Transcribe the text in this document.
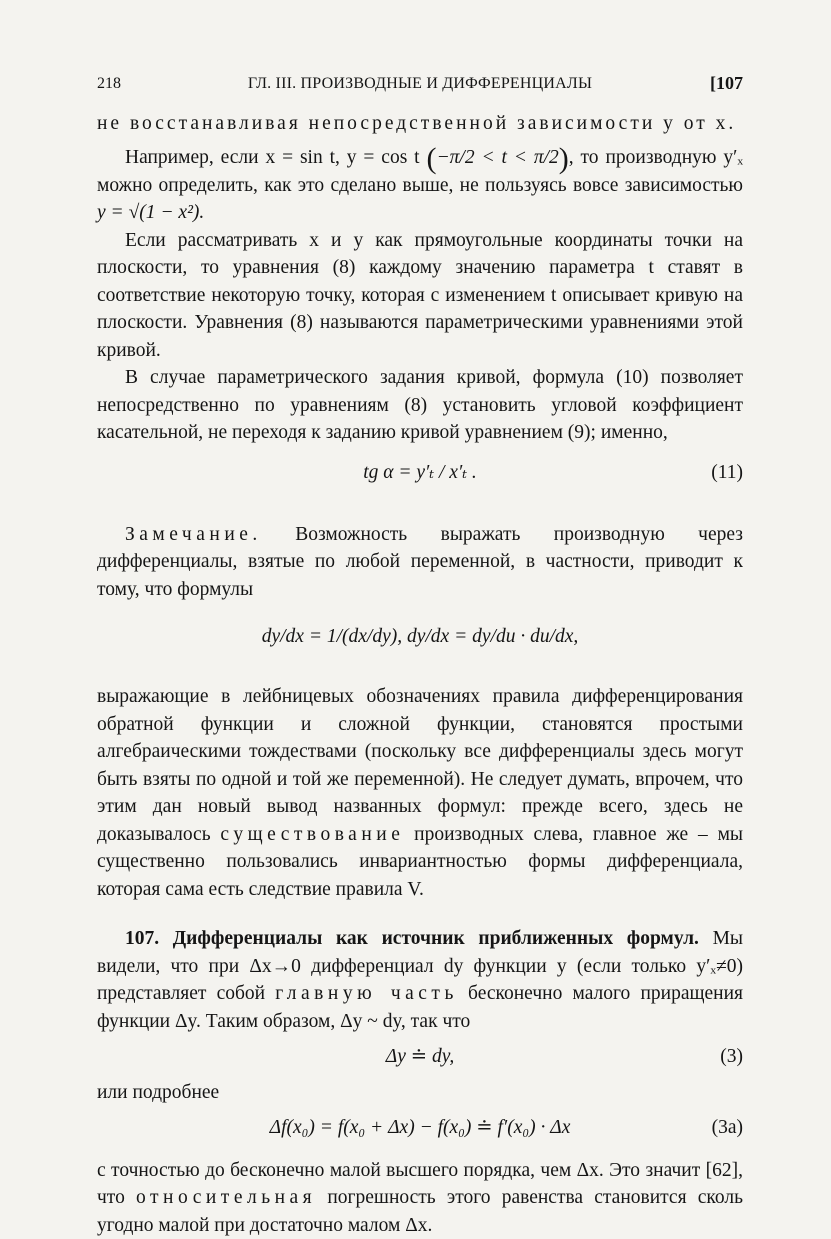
218	ГЛ. III. ПРОИЗВОДНЫЕ И ДИФФЕРЕНЦИАЛЫ	[107

не восстанавливая непосредственной зависимости y от x.

Например, если x = sin t, y = cos t (−π/2 < t < π/2), то производную y′ₓ можно определить, как это сделано выше, не пользуясь вовсе зависимостью y = √(1 − x²).

Если рассматривать x и y как прямоугольные координаты точки на плоскости, то уравнения (8) каждому значению параметра t ставят в соответствие некоторую точку, которая с изменением t описывает кривую на плоскости. Уравнения (8) называются параметрическими уравнениями этой кривой.

В случае параметрического задания кривой, формула (10) позволяет непосредственно по уравнениям (8) установить угловой коэффициент касательной, не переходя к заданию кривой уравнением (9); именно,

tg α = y′ₜ / x′ₜ .	(11)

Замечание. Возможность выражать производную через дифференциалы, взятые по любой переменной, в частности, приводит к тому, что формулы

dy/dx = 1/(dx/dy), dy/dx = dy/du · du/dx,

выражающие в лейбницевых обозначениях правила дифференцирования обратной функции и сложной функции, становятся простыми алгебраическими тождествами (поскольку все дифференциалы здесь могут быть взяты по одной и той же переменной). Не следует думать, впрочем, что этим дан новый вывод названных формул: прежде всего, здесь не доказывалось существование производных слева, главное же – мы существенно пользовались инвариантностью формы дифференциала, которая сама есть следствие правила V.

107. Дифференциалы как источник приближенных формул. Мы видели, что при Δx→0 дифференциал dy функции y (если только y′ₓ≠0) представляет собой главную часть бесконечно малого приращения функции Δy. Таким образом, Δy ~ dy, так что

Δy ≐ dy,	(3)

или подробнее

Δf(x₀) = f(x₀ + Δx) − f(x₀) ≐ f′(x₀) · Δx	(3а)

с точностью до бесконечно малой высшего порядка, чем Δx. Это значит [62], что относительная погрешность этого равенства становится сколь угодно малой при достаточно малом Δx.
